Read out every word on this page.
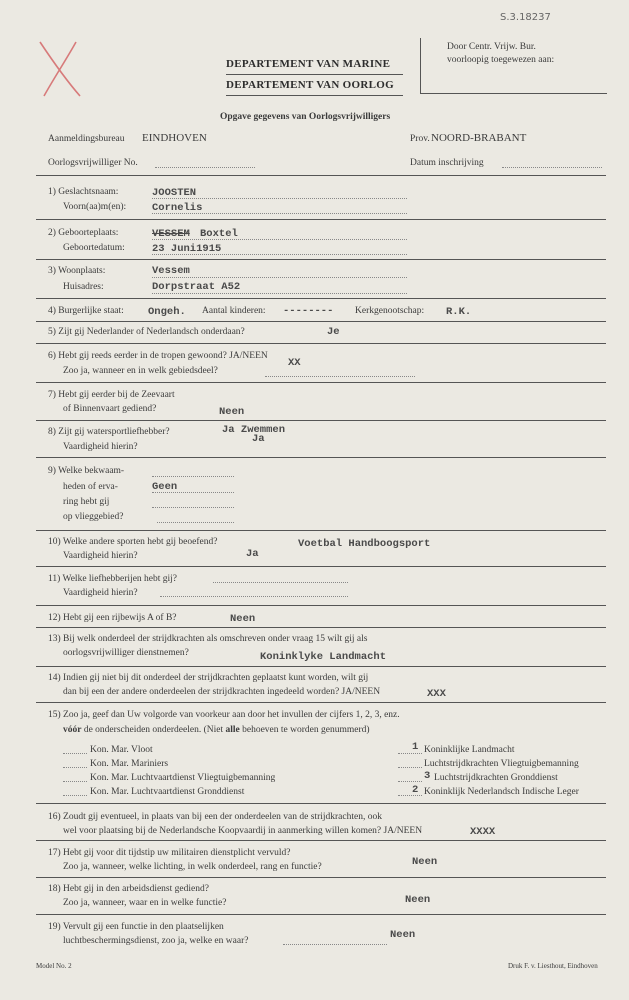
S.3.18237
DEPARTEMENT VAN MARINE
DEPARTEMENT VAN OORLOG
Door Centr. Vrijw. Bur.
voorloopig toegewezen aan:
Opgave gegevens van Oorlogsvrijwilligers
Aanmeldingsbureau EINDHOVEN	Prov. NOORD-BRABANT
Oorlogsvrijwilliger No.	Datum inschrijving
1) Geslachtsnaam:
Voorn(aa)m(en):
JOOSTEN
Cornelis
2) Geboorteplaats:
Geboortedatum:
VESSEM Boxtel
23 Juni1915
3) Woonplaats:
Huisadres:
Vessem
Dorpstraat A52
4) Burgerlijke staat: Ongeh. Aantal kinderen: -------- Kerkgenootschap: R.K.
5) Zijt gij Nederlander of Nederlandsch onderdaan?	Je
6) Hebt gij reeds eerder in de tropen gewoond? JA/NEEN
Zoo ja, wanneer en in welk gebiedsdeel?
XX
7) Hebt gij eerder bij de Zeevaart
of Binnenvaart gediend?	Neen
8) Zijt gij watersportliefhebber?
Vaardigheid hierin?
Ja Zwemmen
Ja
9) Welke bekwaam-
heden of erva-
ring hebt gij
op vlieggebied?
Geen
10) Welke andere sporten hebt gij beoefend?
Vaardigheid hierin?
Voetbal Handboogsport
Ja
11) Welke liefhebberijen hebt gij?
Vaardigheid hierin?
12) Hebt gij een rijbewijs A of B?	Neen
13) Bij welk onderdeel der strijdkrachten als omschreven onder vraag 15 wilt gij als
oorlogsvrijwilliger dienstnemen?	Koninklyke Landmacht
14) Indien gij niet bij dit onderdeel der strijdkrachten geplaatst kunt worden, wilt gij
dan bij een der andere onderdeelen der strijdkrachten ingedeeld worden? JA/NEEN	XXX
15) Zoo ja, geef dan Uw volgorde van voorkeur aan door het invullen der cijfers 1, 2, 3, enz.
vóór de onderscheiden onderdeelen. (Niet alle behoeven te worden genummerd)
Kon. Mar. Vloot
Kon. Mar. Mariniers
Kon. Mar. Luchtvaartdienst Vliegtuigbemanning
Kon. Mar. Luchtvaartdienst Gronddienst
1 Koninklijke Landmacht
Luchtstrijdkrachten Vliegtuigbemanning
3 Luchtstrijdkrachten Gronddienst
2 Koninklijk Nederlandsch Indische Leger
16) Zoudt gij eventueel, in plaats van bij een der onderdeelen van de strijdkrachten, ook
wel voor plaatsing bij de Nederlandsche Koopvaardij in aanmerking willen komen? JA/NEEN	XXXX
17) Hebt gij voor dit tijdstip uw militairen dienstplicht vervuld?
Zoo ja, wanneer, welke lichting, in welk onderdeel, rang en functie?	Neen
18) Hebt gij in den arbeidsdienst gediend?
Zoo ja, wanneer, waar en in welke functie?	Neen
19) Vervult gij een functie in den plaatselijken
luchtbeschermingsdienst, zoo ja, welke en waar?	Neen
Model No. 2	Druk F. v. Liesthout, Eindhoven
